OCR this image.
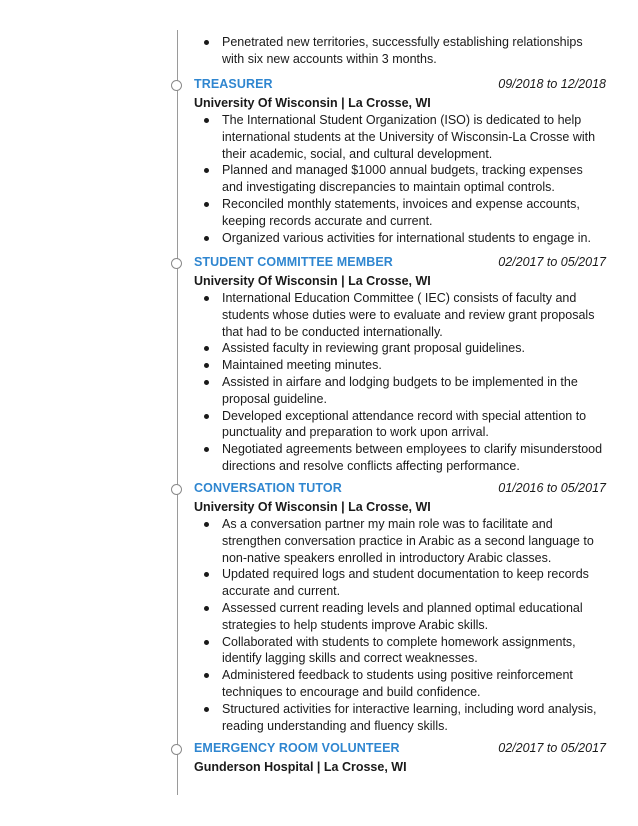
Penetrated new territories, successfully establishing relationships with six new accounts within 3 months.
TREASURER	09/2018 to 12/2018
University Of Wisconsin | La Crosse, WI
The International Student Organization (ISO) is dedicated to help international students at the University of Wisconsin-La Crosse with their academic, social, and cultural development.
Planned and managed $1000 annual budgets, tracking expenses and investigating discrepancies to maintain optimal controls.
Reconciled monthly statements, invoices and expense accounts, keeping records accurate and current.
Organized various activities for international students to engage in.
STUDENT COMMITTEE MEMBER	02/2017 to 05/2017
University Of Wisconsin | La Crosse, WI
International Education Committee ( IEC) consists of faculty and students whose duties were to evaluate and review grant proposals that had to be conducted internationally.
Assisted faculty in reviewing grant proposal guidelines.
Maintained meeting minutes.
Assisted in airfare and lodging budgets to be implemented in the proposal guideline.
Developed exceptional attendance record with special attention to punctuality and preparation to work upon arrival.
Negotiated agreements between employees to clarify misunderstood directions and resolve conflicts affecting performance.
CONVERSATION TUTOR	01/2016 to 05/2017
University Of Wisconsin | La Crosse, WI
As a conversation partner my main role was to facilitate and strengthen conversation practice in Arabic as a second language to non-native speakers enrolled in introductory Arabic classes.
Updated required logs and student documentation to keep records accurate and current.
Assessed current reading levels and planned optimal educational strategies to help students improve Arabic skills.
Collaborated with students to complete homework assignments, identify lagging skills and correct weaknesses.
Administered feedback to students using positive reinforcement techniques to encourage and build confidence.
Structured activities for interactive learning, including word analysis, reading understanding and fluency skills.
EMERGENCY ROOM VOLUNTEER	02/2017 to 05/2017
Gunderson Hospital | La Crosse, WI
